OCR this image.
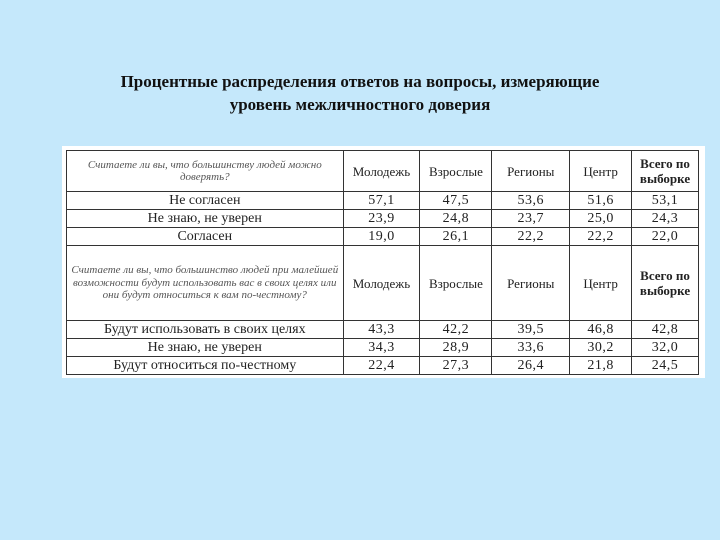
Процентные распределения ответов на вопросы, измеряющие
уровень межличностного доверия
Считаете ли вы, что большинству людей можно доверять?	Молодежь	Взрослые	Регионы	Центр	Всего по выборке
Не согласен	57,1	47,5	53,6	51,6	53,1
Не знаю, не уверен	23,9	24,8	23,7	25,0	24,3
Согласен	19,0	26,1	22,2	22,2	22,0
Считаете ли вы, что большинство людей при малейшей возможности будут использовать вас в своих целях или они будут относиться к вам по-честному?	Молодежь	Взрослые	Регионы	Центр	Всего по выборке
Будут использовать в своих целях	43,3	42,2	39,5	46,8	42,8
Не знаю, не уверен	34,3	28,9	33,6	30,2	32,0
Будут относиться по-честному	22,4	27,3	26,4	21,8	24,5
